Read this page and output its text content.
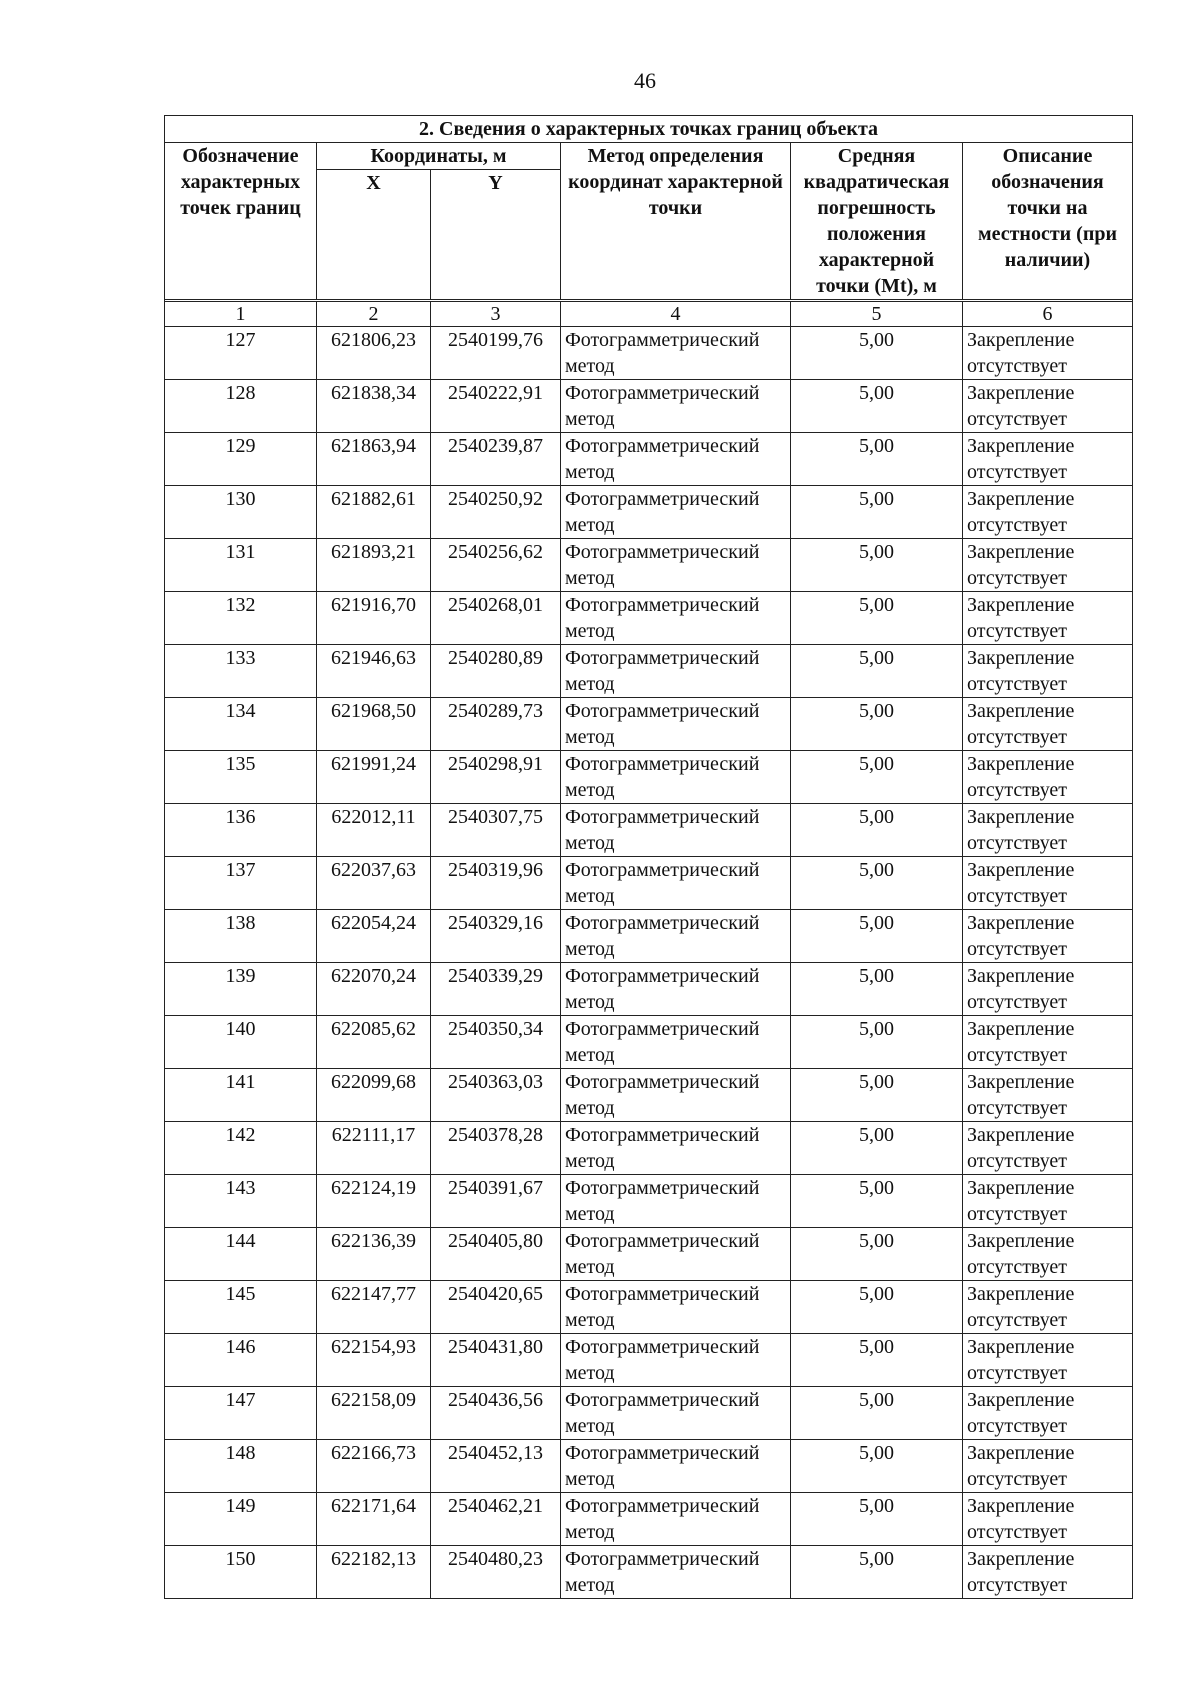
46
2. Сведения о характерных точках границ объекта					
Обозначение характерных точек границ	Координаты, м		Метод определения координат характерной точки	Средняя квадратическая погрешность положения характерной точки (Mt), м	Описание обозначения точки на местности (при наличии)
	X	Y			

1	2	3	4	5	6
127	621806,23	2540199,76	Фотограмметрический метод	5,00	Закрепление отсутствует
128	621838,34	2540222,91	Фотограмметрический метод	5,00	Закрепление отсутствует
129	621863,94	2540239,87	Фотограмметрический метод	5,00	Закрепление отсутствует
130	621882,61	2540250,92	Фотограмметрический метод	5,00	Закрепление отсутствует
131	621893,21	2540256,62	Фотограмметрический метод	5,00	Закрепление отсутствует
132	621916,70	2540268,01	Фотограмметрический метод	5,00	Закрепление отсутствует
133	621946,63	2540280,89	Фотограмметрический метод	5,00	Закрепление отсутствует
134	621968,50	2540289,73	Фотограмметрический метод	5,00	Закрепление отсутствует
135	621991,24	2540298,91	Фотограмметрический метод	5,00	Закрепление отсутствует
136	622012,11	2540307,75	Фотограмметрический метод	5,00	Закрепление отсутствует
137	622037,63	2540319,96	Фотограмметрический метод	5,00	Закрепление отсутствует
138	622054,24	2540329,16	Фотограмметрический метод	5,00	Закрепление отсутствует
139	622070,24	2540339,29	Фотограмметрический метод	5,00	Закрепление отсутствует
140	622085,62	2540350,34	Фотограмметрический метод	5,00	Закрепление отсутствует
141	622099,68	2540363,03	Фотограмметрический метод	5,00	Закрепление отсутствует
142	622111,17	2540378,28	Фотограмметрический метод	5,00	Закрепление отсутствует
143	622124,19	2540391,67	Фотограмметрический метод	5,00	Закрепление отсутствует
144	622136,39	2540405,80	Фотограмметрический метод	5,00	Закрепление отсутствует
145	622147,77	2540420,65	Фотограмметрический метод	5,00	Закрепление отсутствует
146	622154,93	2540431,80	Фотограмметрический метод	5,00	Закрепление отсутствует
147	622158,09	2540436,56	Фотограмметрический метод	5,00	Закрепление отсутствует
148	622166,73	2540452,13	Фотограмметрический метод	5,00	Закрепление отсутствует
149	622171,64	2540462,21	Фотограмметрический метод	5,00	Закрепление отсутствует
150	622182,13	2540480,23	Фотограмметрический метод	5,00	Закрепление отсутствует
